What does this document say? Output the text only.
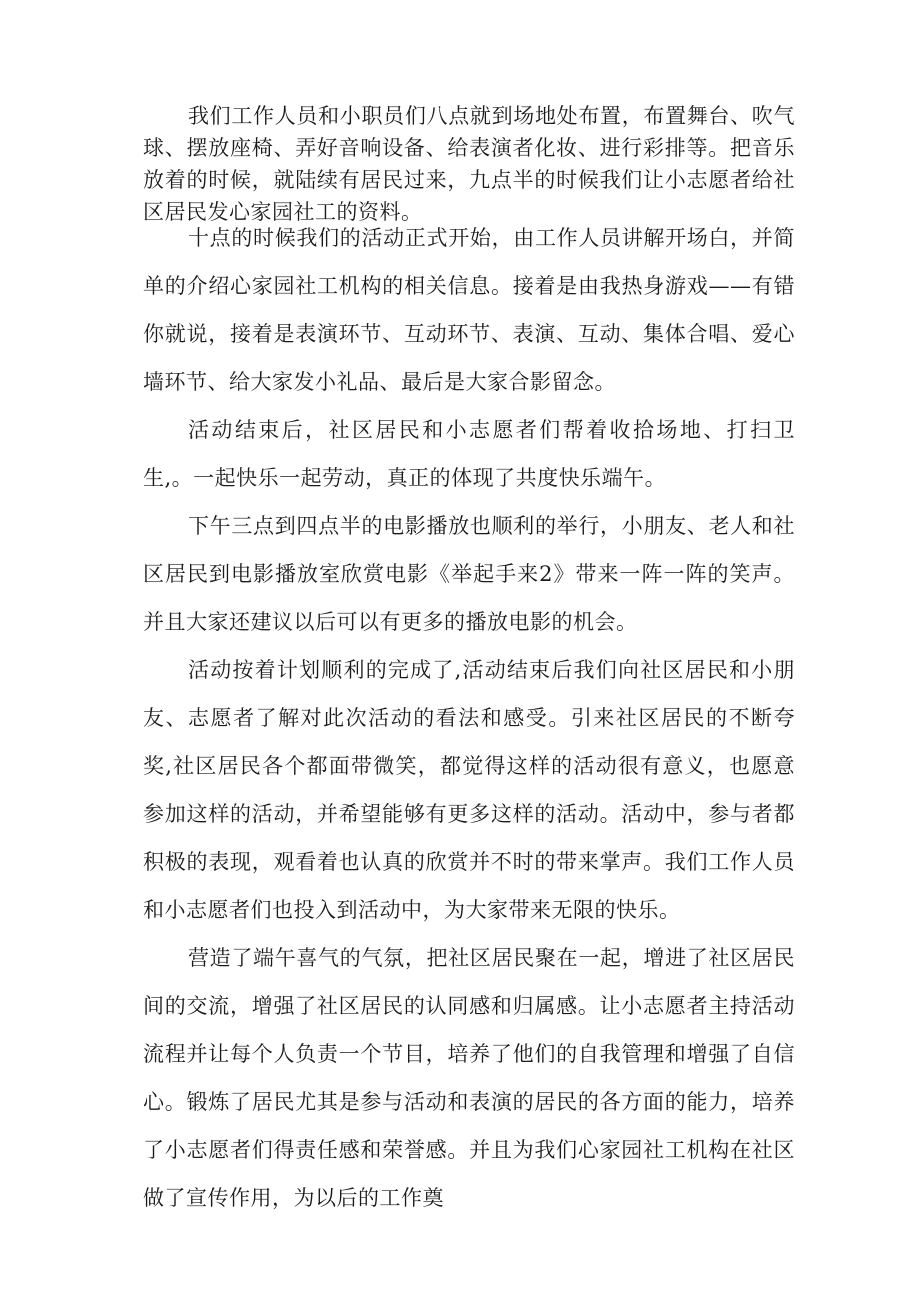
我们工作人员和小职员们八点就到场地处布置，布置舞台、吹气球、摆放座椅、弄好音响设备、给表演者化妆、进行彩排等。把音乐放着的时候，就陆续有居民过来，九点半的时候我们让小志愿者给社区居民发心家园社工的资料。

十点的时候我们的活动正式开始，由工作人员讲解开场白，并简单的介绍心家园社工机构的相关信息。接着是由我热身游戏——有错你就说，接着是表演环节、互动环节、表演、互动、集体合唱、爱心墙环节、给大家发小礼品、最后是大家合影留念。

活动结束后，社区居民和小志愿者们帮着收拾场地、打扫卫生,。一起快乐一起劳动，真正的体现了共度快乐端午。

下午三点到四点半的电影播放也顺利的举行，小朋友、老人和社区居民到电影播放室欣赏电影《举起手来2》带来一阵一阵的笑声。并且大家还建议以后可以有更多的播放电影的机会。

活动按着计划顺利的完成了,活动结束后我们向社区居民和小朋友、志愿者了解对此次活动的看法和感受。引来社区居民的不断夸奖,社区居民各个都面带微笑，都觉得这样的活动很有意义，也愿意参加这样的活动，并希望能够有更多这样的活动。活动中，参与者都积极的表现，观看着也认真的欣赏并不时的带来掌声。我们工作人员和小志愿者们也投入到活动中，为大家带来无限的快乐。

营造了端午喜气的气氛，把社区居民聚在一起，增进了社区居民间的交流，增强了社区居民的认同感和归属感。让小志愿者主持活动流程并让每个人负责一个节目，培养了他们的自我管理和增强了自信心。锻炼了居民尤其是参与活动和表演的居民的各方面的能力，培养了小志愿者们得责任感和荣誉感。并且为我们心家园社工机构在社区做了宣传作用，为以后的工作奠
